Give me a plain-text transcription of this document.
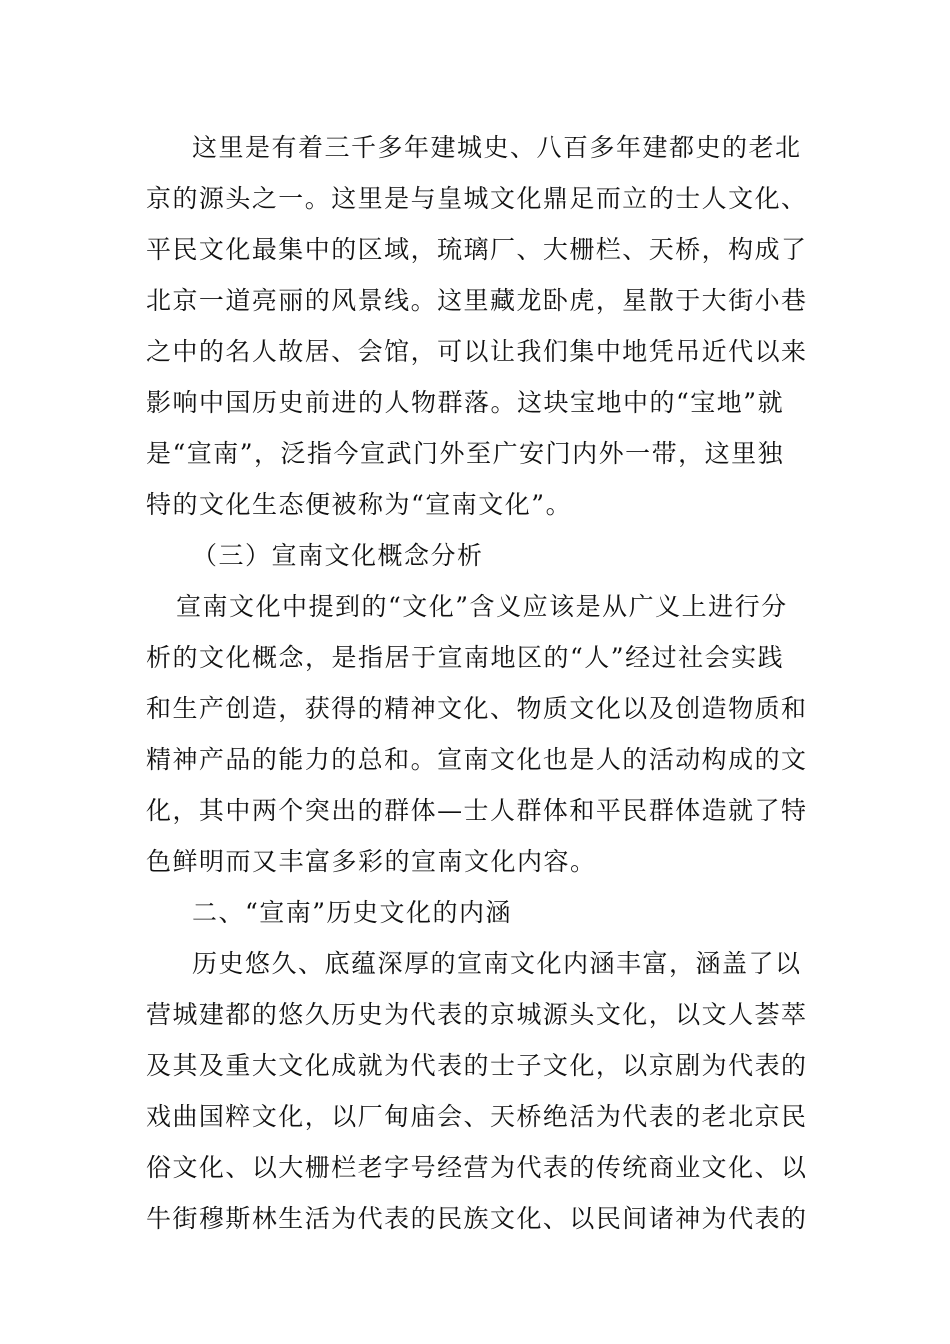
这里是有着三千多年建城史、八百多年建都史的老北
京的源头之一。这里是与皇城文化鼎足而立的士人文化、
平民文化最集中的区域，琉璃厂、大栅栏、天桥，构成了
北京一道亮丽的风景线。这里藏龙卧虎，星散于大街小巷
之中的名人故居、会馆，可以让我们集中地凭吊近代以来
影响中国历史前进的人物群落。这块宝地中的“宝地”就
是“宣南”，泛指今宣武门外至广安门内外一带，这里独
特的文化生态便被称为“宣南文化”。
（三）宣南文化概念分析
宣南文化中提到的“文化”含义应该是从广义上进行分
析的文化概念，是指居于宣南地区的“人”经过社会实践
和生产创造，获得的精神文化、物质文化以及创造物质和
精神产品的能力的总和。宣南文化也是人的活动构成的文
化，其中两个突出的群体—士人群体和平民群体造就了特
色鲜明而又丰富多彩的宣南文化内容。
二、“宣南”历史文化的内涵
历史悠久、底蕴深厚的宣南文化内涵丰富，涵盖了以
营城建都的悠久历史为代表的京城源头文化，以文人荟萃
及其及重大文化成就为代表的士子文化，以京剧为代表的
戏曲国粹文化，以厂甸庙会、天桥绝活为代表的老北京民
俗文化、以大栅栏老字号经营为代表的传统商业文化、以
牛街穆斯林生活为代表的民族文化、以民间诸神为代表的
